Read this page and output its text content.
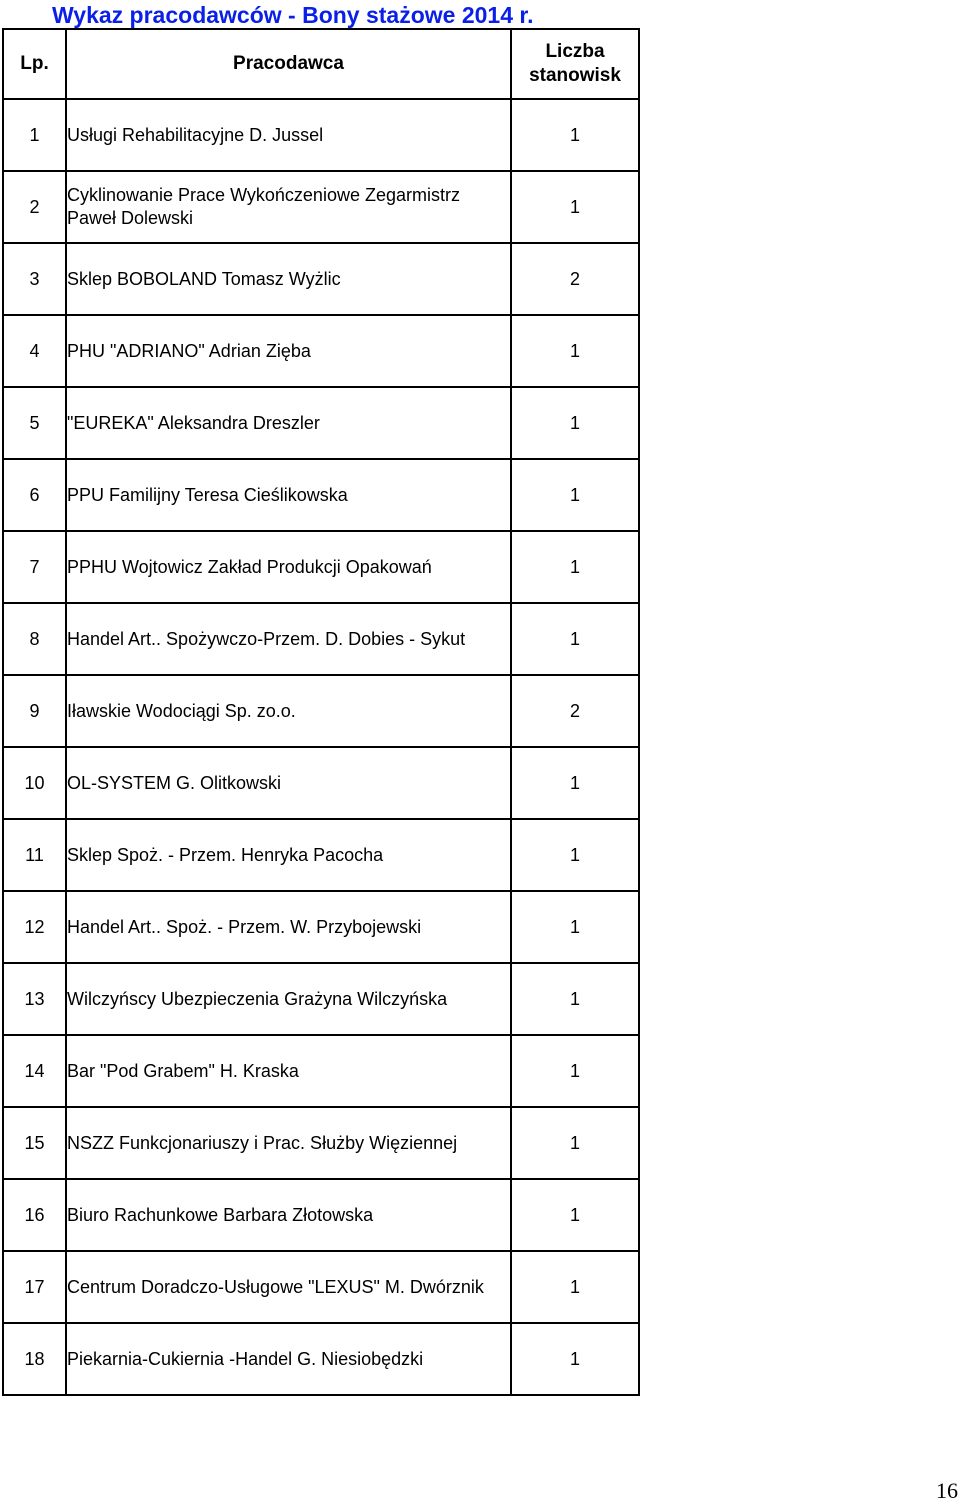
Wykaz pracodawców - Bony stażowe 2014 r.
Lp.	Pracodawca	Liczba
stanowisk
1	Usługi Rehabilitacyjne D. Jussel	1
2	Cyklinowanie Prace Wykończeniowe Zegarmistrz Paweł Dolewski	1
3	Sklep BOBOLAND Tomasz Wyżlic	2
4	PHU "ADRIANO" Adrian Zięba	1
5	"EUREKA" Aleksandra Dreszler	1
6	PPU Familijny Teresa Cieślikowska	1
7	PPHU Wojtowicz Zakład Produkcji Opakowań	1
8	Handel Art.. Spożywczo-Przem. D. Dobies - Sykut	1
9	Iławskie Wodociągi Sp. zo.o.	2
10	OL-SYSTEM G. Olitkowski	1
11	Sklep Spoż. - Przem. Henryka Pacocha	1
12	Handel Art.. Spoż. - Przem. W. Przybojewski	1
13	Wilczyńscy Ubezpieczenia Grażyna Wilczyńska	1
14	Bar "Pod Grabem" H. Kraska	1
15	NSZZ Funkcjonariuszy i Prac. Służby Więziennej	1
16	Biuro Rachunkowe Barbara Złotowska	1
17	Centrum Doradczo-Usługowe "LEXUS" M. Dwórznik	1
18	Piekarnia-Cukiernia -Handel G. Niesiobędzki	1
16
